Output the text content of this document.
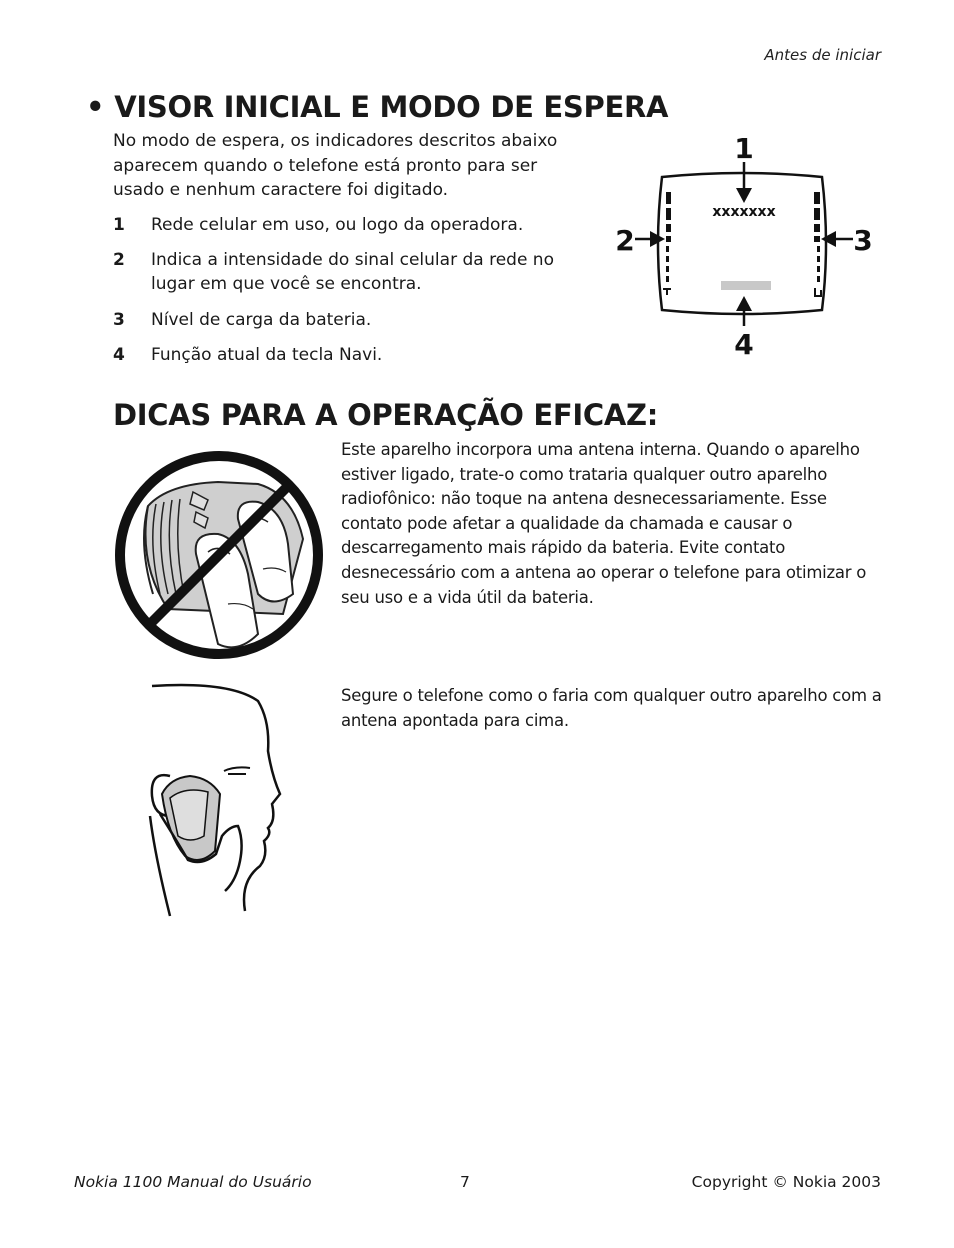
Antes de iniciar
• VISOR INICIAL E MODO DE ESPERA
No modo de espera, os indicadores descritos abaixo aparecem quando o telefone está pronto para ser usado e nenhum caractere foi digitado.
1	Rede celular em uso, ou logo da operadora.
2	Indica a intensidade do sinal celular da rede no lugar em que você se encontra.
3	Nível de carga da bateria.
4	Função atual da tecla Navi.
xxxxxxx
1
2	3
4
DICAS PARA A OPERAÇÃO EFICAZ:
Este aparelho incorpora uma antena interna. Quando o aparelho estiver ligado, trate-o como trataria qualquer outro aparelho radiofônico: não toque na antena desnecessariamente. Esse contato pode afetar a qualidade da chamada e causar o descarregamento mais rápido da bateria. Evite contato desnecessário com a antena ao operar o telefone para otimizar o seu uso e a vida útil da bateria.
Segure o telefone como o faria com qualquer outro aparelho com a antena apontada para cima.
Nokia 1100 Manual do Usuário	7	Copyright © Nokia 2003
